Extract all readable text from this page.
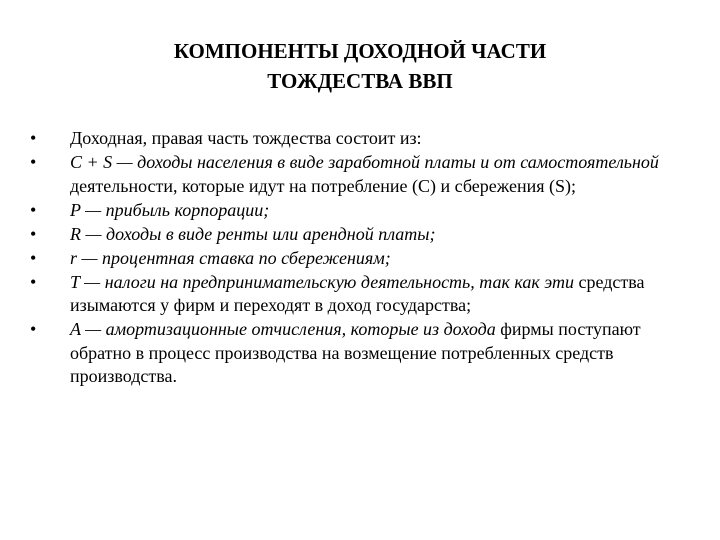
КОМПОНЕНТЫ ДОХОДНОЙ ЧАСТИ
ТОЖДЕСТВА ВВП
• Доходная, правая часть тождества состоит из:
• C + S — доходы населения в виде заработной платы и от самостоятельной деятельности, которые идут на потребление (C) и сбережения (S);
• P — прибыль корпорации;
• R — доходы в виде ренты или арендной платы;
• r — процентная ставка по сбережениям;
• T — налоги на предпринимательскую деятельность, так как эти средства изымаются у фирм и переходят в доход государства;
• A — амортизационные отчисления, которые из дохода фирмы поступают обратно в процесс производства на возмещение потребленных средств производства.
